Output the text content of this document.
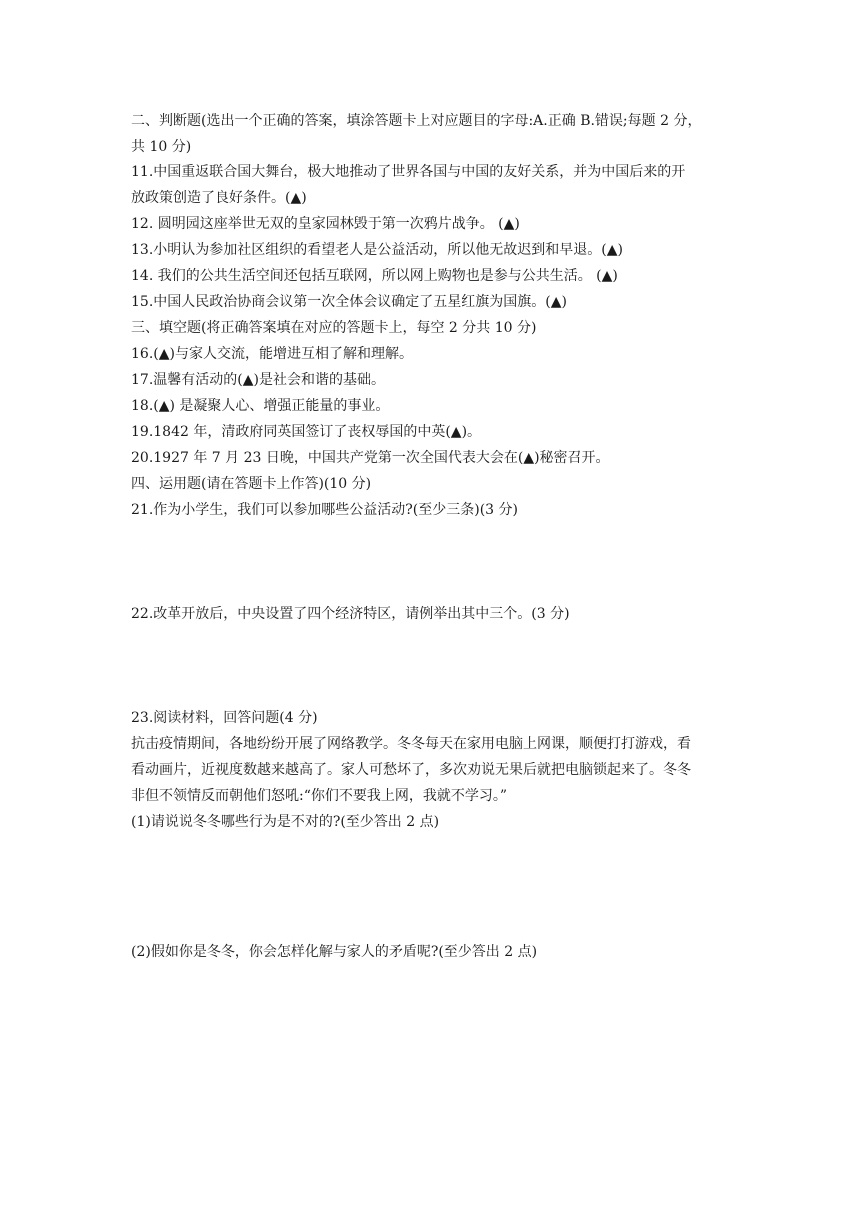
二、判断题(选出一个正确的答案，填涂答题卡上对应题目的字母:A.正确 B.错误;每题 2 分，
共 10 分)
11.中国重返联合国大舞台，极大地推动了世界各国与中国的友好关系，并为中国后来的开
放政策创造了良好条件。(▲)
12. 圆明园这座举世无双的皇家园林毁于第一次鸦片战争。 (▲)
13.小明认为参加社区组织的看望老人是公益活动，所以他无故迟到和早退。(▲)
14. 我们的公共生活空间还包括互联网，所以网上购物也是参与公共生活。 (▲)
15.中国人民政治协商会议第一次全体会议确定了五星红旗为国旗。(▲)
三、填空题(将正确答案填在对应的答题卡上，每空 2 分共 10 分)
16.(▲)与家人交流，能增进互相了解和理解。
17.温馨有活动的(▲)是社会和谐的基础。
18.(▲) 是凝聚人心、增强正能量的事业。
19.1842 年，清政府同英国签订了丧权辱国的中英(▲)。
20.1927 年 7 月 23 日晚，中国共产党第一次全国代表大会在(▲)秘密召开。
四、运用题(请在答题卡上作答)(10 分)
21.作为小学生，我们可以参加哪些公益活动?(至少三条)(3 分)
22.改革开放后，中央设置了四个经济特区，请例举出其中三个。(3 分)
23.阅读材料，回答问题(4 分)
抗击疫情期间，各地纷纷开展了网络教学。冬冬每天在家用电脑上网课，顺便打打游戏，看
看动画片，近视度数越来越高了。家人可愁坏了，多次劝说无果后就把电脑锁起来了。冬冬
非但不领情反而朝他们怒吼:“你们不要我上网，我就不学习。”
(1)请说说冬冬哪些行为是不对的?(至少答出 2 点)
(2)假如你是冬冬，你会怎样化解与家人的矛盾呢?(至少答出 2 点)
